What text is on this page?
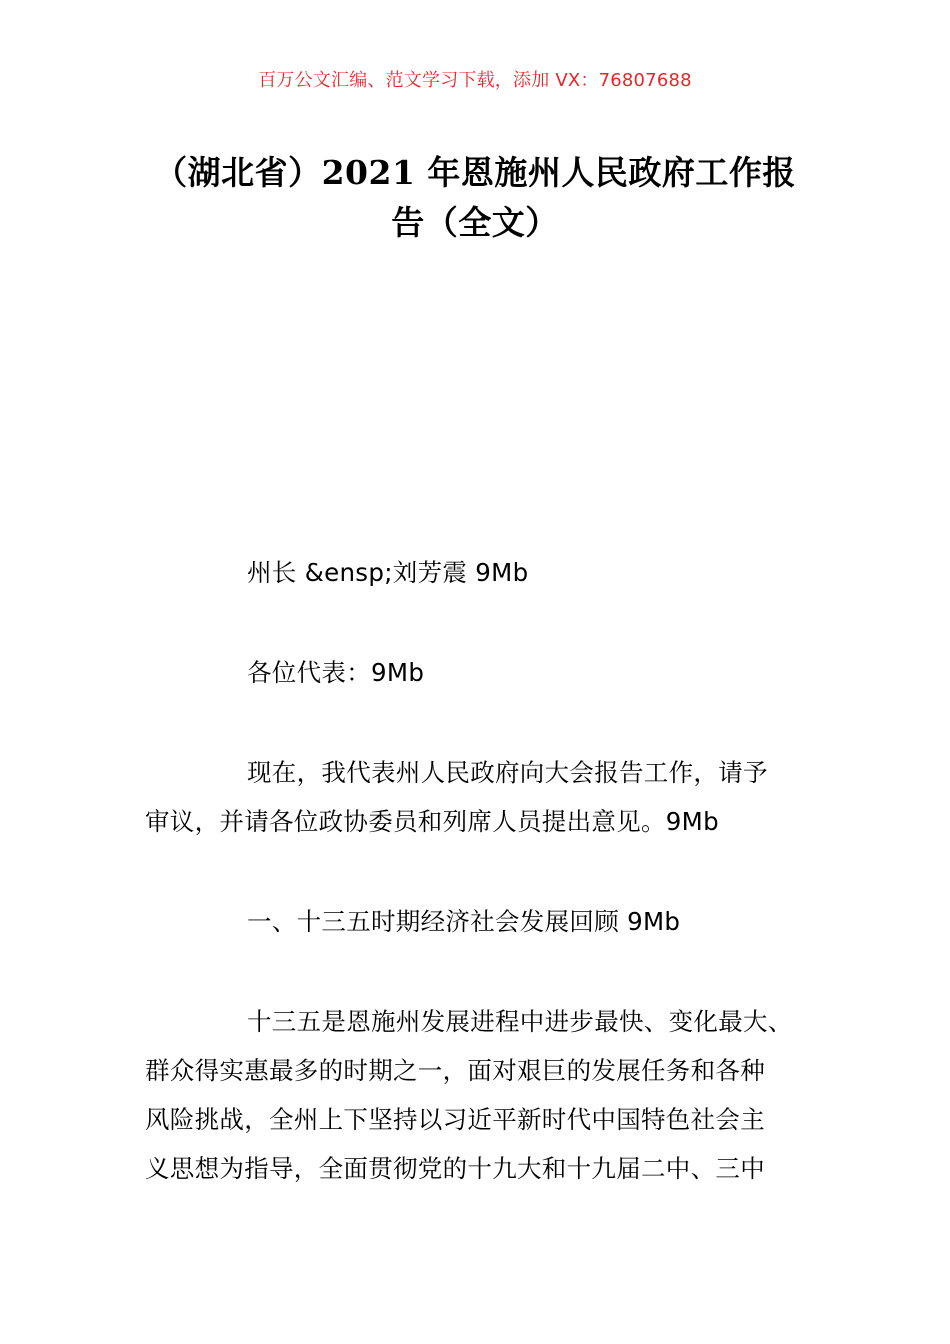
百万公文汇编、范文学习下载，添加 VX：76807688
（湖北省）2021 年恩施州人民政府工作报
告（全文）
州长 &ensp;刘芳震 9Mb
各位代表：9Mb
现在，我代表州人民政府向大会报告工作，请予
审议，并请各位政协委员和列席人员提出意见。9Mb
一、十三五时期经济社会发展回顾 9Mb
十三五是恩施州发展进程中进步最快、变化最大、
群众得实惠最多的时期之一，面对艰巨的发展任务和各种
风险挑战，全州上下坚持以习近平新时代中国特色社会主
义思想为指导，全面贯彻党的十九大和十九届二中、三中
